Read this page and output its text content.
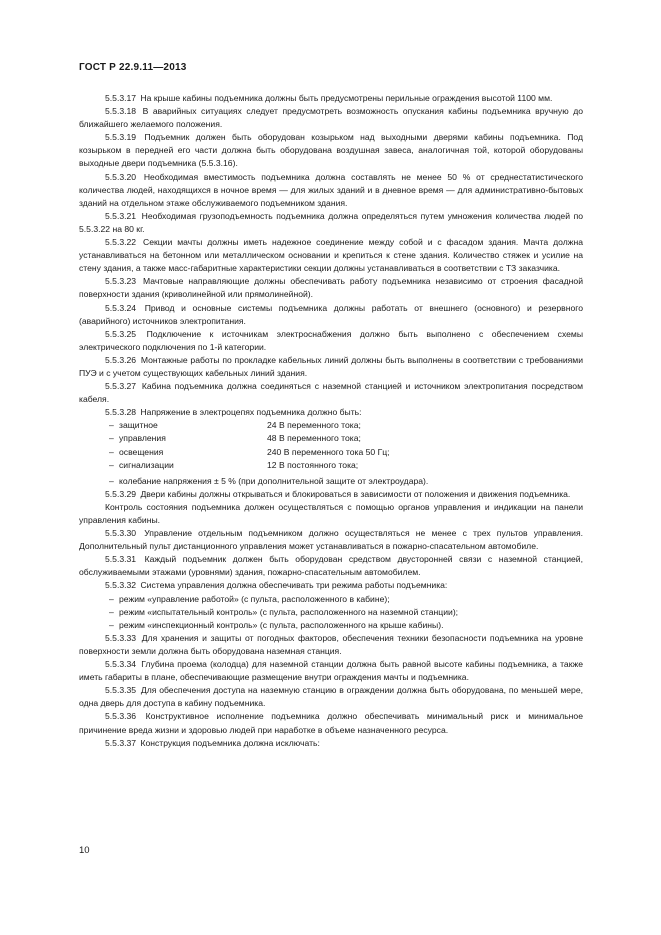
ГОСТ Р 22.9.11—2013

5.5.3.17 На крыше кабины подъемника должны быть предусмотрены перильные ограждения высотой 1100 мм.

5.5.3.18 В аварийных ситуациях следует предусмотреть возможность опускания кабины подъемника вручную до ближайшего желаемого положения.

5.5.3.19 Подъемник должен быть оборудован козырьком над выходными дверями кабины подъемника. Под козырьком в передней его части должна быть оборудована воздушная завеса, аналогичная той, которой оборудованы выходные двери подъемника (5.5.3.16).

5.5.3.20 Необходимая вместимость подъемника должна составлять не менее 50 % от среднестатистического количества людей, находящихся в ночное время — для жилых зданий и в дневное время — для административно-бытовых зданий на отдельном этаже обслуживаемого подъемником здания.

5.5.3.21 Необходимая грузоподъемность подъемника должна определяться путем умножения количества людей по 5.5.3.22 на 80 кг.

5.5.3.22 Секции мачты должны иметь надежное соединение между собой и с фасадом здания. Мачта должна устанавливаться на бетонном или металлическом основании и крепиться к стене здания. Количество стяжек и усилие на стену здания, а также масс-габаритные характеристики секции должны устанавливаться в соответствии с ТЗ заказчика.

5.5.3.23 Мачтовые направляющие должны обеспечивать работу подъемника независимо от строения фасадной поверхности здания (криволинейной или прямолинейной).

5.5.3.24 Привод и основные системы подъемника должны работать от внешнего (основного) и резервного (аварийного) источников электропитания.

5.5.3.25 Подключение к источникам электроснабжения должно быть выполнено с обеспечением схемы электрического подключения по 1-й категории.

5.5.3.26 Монтажные работы по прокладке кабельных линий должны быть выполнены в соответствии с требованиями ПУЭ и с учетом существующих кабельных линий здания.

5.5.3.27 Кабина подъемника должна соединяться с наземной станцией и источником электропитания посредством кабеля.

5.5.3.28 Напряжение в электроцепях подъемника должно быть:

– защитное	24 В переменного тока;
– управления	48 В переменного тока;
– освещения	240 В переменного тока 50 Гц;
– сигнализации	12 В постоянного тока;
– колебание напряжения ± 5 % (при дополнительной защите от электроудара).

5.5.3.29 Двери кабины должны открываться и блокироваться в зависимости от положения и движения подъемника.

Контроль состояния подъемника должен осуществляться с помощью органов управления и индикации на панели управления кабины.

5.5.3.30 Управление отдельным подъемником должно осуществляться не менее с трех пультов управления. Дополнительный пульт дистанционного управления может устанавливаться в пожарно-спасательном автомобиле.

5.5.3.31 Каждый подъемник должен быть оборудован средством двусторонней связи с наземной станцией, обслуживаемыми этажами (уровнями) здания, пожарно-спасательным автомобилем.

5.5.3.32 Система управления должна обеспечивать три режима работы подъемника:

– режим «управление работой» (с пульта, расположенного в кабине);
– режим «испытательный контроль» (с пульта, расположенного на наземной станции);
– режим «инспекционный контроль» (с пульта, расположенного на крыше кабины).

5.5.3.33 Для хранения и защиты от погодных факторов, обеспечения техники безопасности подъемника на уровне поверхности земли должна быть оборудована наземная станция.

5.5.3.34 Глубина проема (колодца) для наземной станции должна быть равной высоте кабины подъемника, а также иметь габариты в плане, обеспечивающие размещение внутри ограждения мачты и подъемника.

5.5.3.35 Для обеспечения доступа на наземную станцию в ограждении должна быть оборудована, по меньшей мере, одна дверь для доступа в кабину подъемника.

5.5.3.36 Конструктивное исполнение подъемника должно обеспечивать минимальный риск и минимальное причинение вреда жизни и здоровью людей при наработке в объеме назначенного ресурса.

5.5.3.37 Конструкция подъемника должна исключать:

10
